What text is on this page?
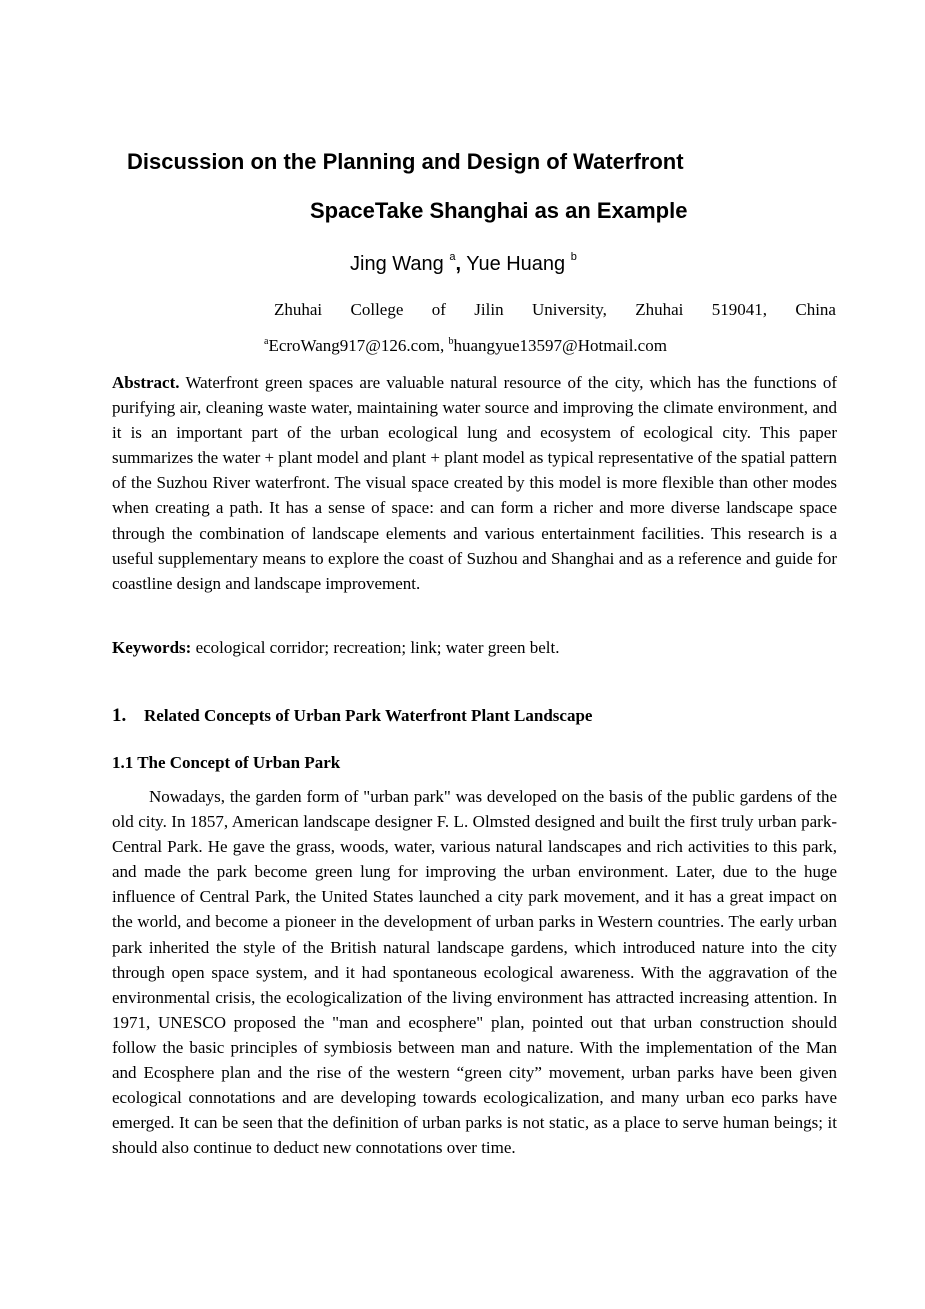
Discussion on the Planning and Design of Waterfront
SpaceTake Shanghai as an Example
Jing Wang $^a$, Yue Huang $^b$
Zhuhai College of Jilin University, Zhuhai 519041, China
$^a$EcroWang917@126.com, $^b$huangyue13597@Hotmail.com
Abstract. Waterfront green spaces are valuable natural resource of the city, which has the functions of purifying air, cleaning waste water, maintaining water source and improving the climate environment, and it is an important part of the urban ecological lung and ecosystem of ecological city. This paper summarizes the water + plant model and plant + plant model as typical representative of the spatial pattern of the Suzhou River waterfront. The visual space created by this model is more flexible than other modes when creating a path. It has a sense of space: and can form a richer and more diverse landscape space through the combination of landscape elements and various entertainment facilities. This research is a useful supplementary means to explore the coast of Suzhou and Shanghai and as a reference and guide for coastline design and landscape improvement.
Keywords: ecological corridor; recreation; link; water green belt.
1. Related Concepts of Urban Park Waterfront Plant Landscape
1.1 The Concept of Urban Park
Nowadays, the garden form of "urban park" was developed on the basis of the public gardens of the old city. In 1857, American landscape designer F. L. Olmsted designed and built the first truly urban park-Central Park. He gave the grass, woods, water, various natural landscapes and rich activities to this park, and made the park become green lung for improving the urban environment. Later, due to the huge influence of Central Park, the United States launched a city park movement, and it has a great impact on the world, and become a pioneer in the development of urban parks in Western countries. The early urban park inherited the style of the British natural landscape gardens, which introduced nature into the city through open space system, and it had spontaneous ecological awareness. With the aggravation of the environmental crisis, the ecologicalization of the living environment has attracted increasing attention. In 1971, UNESCO proposed the "man and ecosphere" plan, pointed out that urban construction should follow the basic principles of symbiosis between man and nature. With the implementation of the Man and Ecosphere plan and the rise of the western “green city” movement, urban parks have been given ecological connotations and are developing towards ecologicalization, and many urban eco parks have emerged. It can be seen that the definition of urban parks is not static, as a place to serve human beings; it should also continue to deduct new connotations over time.
